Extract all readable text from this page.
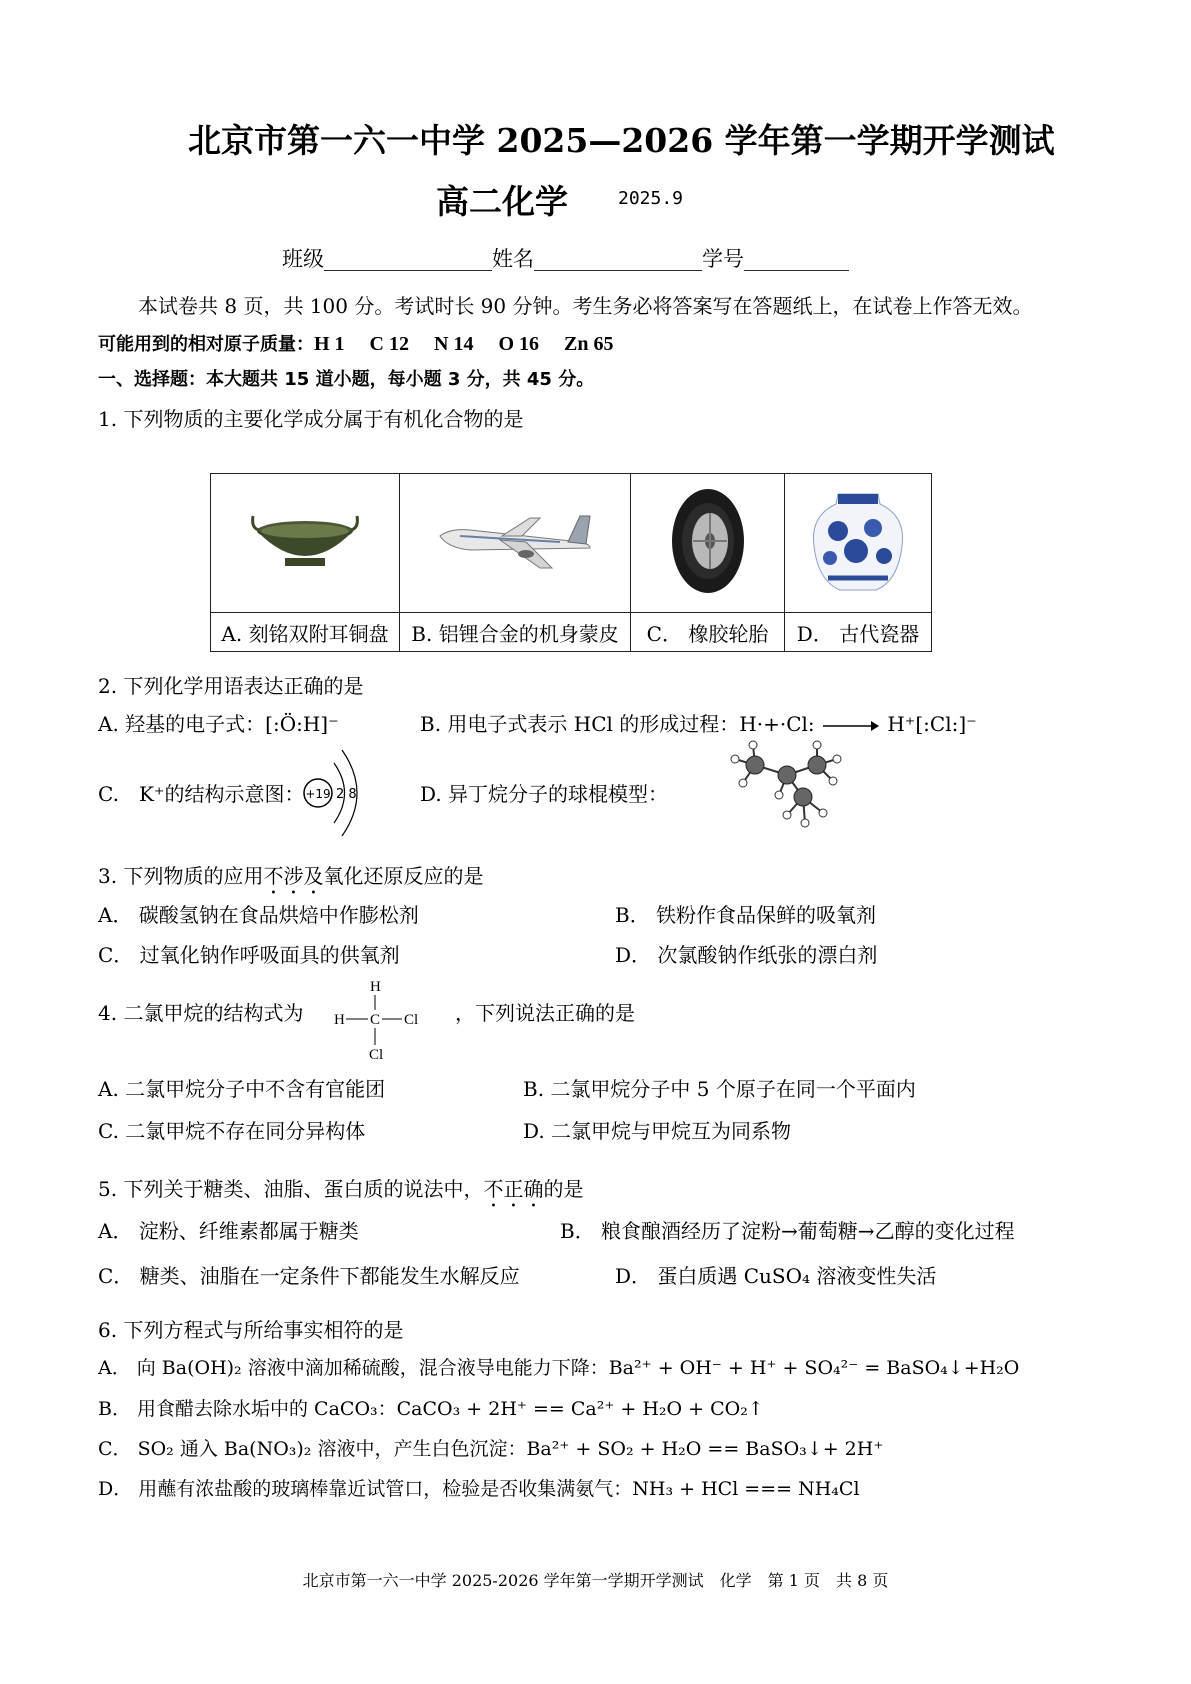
北京市第一六一中学 2025—2026 学年第一学期开学测试
高二化学	2025.9
班级________________姓名________________学号__________
本试卷共 8 页，共 100 分。考试时长 90 分钟。考生务必将答案写在答题纸上，在试卷上作答无效。
可能用到的相对原子质量：H 1　 C 12　 N 14　 O 16　 Zn 65
一、选择题：本大题共 15 道小题，每小题 3 分，共 45 分。
1. 下列物质的主要化学成分属于有机化合物的是

A. 刻铭双附耳铜盘	B. 铝锂合金的机身蒙皮	C． 橡胶轮胎	D． 古代瓷器
2. 下列化学用语表达正确的是
A. 羟基的电子式：[:Ö:H]⁻	B. 用电子式表示 HCl 的形成过程：H·+·Cl: → H⁺[:Cl:]⁻
C.　K⁺的结构示意图： +19 2 8	D. 异丁烷分子的球棍模型：
3. 下列物质的应用不涉及氧化还原反应的是
A． 碳酸氢钠在食品烘焙中作膨松剂	B． 铁粉作食品保鲜的吸氧剂
C． 过氧化钠作呼吸面具的供氧剂	D． 次氯酸钠作纸张的漂白剂
4. 二氯甲烷的结构式为
H
H C Cl
Cl
，下列说法正确的是
A. 二氯甲烷分子中不含有官能团	B. 二氯甲烷分子中 5 个原子在同一个平面内
C. 二氯甲烷不存在同分异构体	D. 二氯甲烷与甲烷互为同系物
5. 下列关于糖类、油脂、蛋白质的说法中，不正确的是
A． 淀粉、纤维素都属于糖类	B． 粮食酿酒经历了淀粉→葡萄糖→乙醇的变化过程
C． 糖类、油脂在一定条件下都能发生水解反应	D． 蛋白质遇 CuSO₄ 溶液变性失活
6. 下列方程式与所给事实相符的是
A． 向 Ba(OH)₂ 溶液中滴加稀硫酸，混合液导电能力下降：Ba²⁺ + OH⁻ + H⁺ + SO₄²⁻ = BaSO₄↓+H₂O
B． 用食醋去除水垢中的 CaCO₃：CaCO₃ + 2H⁺ == Ca²⁺ + H₂O + CO₂↑
C． SO₂ 通入 Ba(NO₃)₂ 溶液中，产生白色沉淀：Ba²⁺ + SO₂ + H₂O == BaSO₃↓+ 2H⁺
D． 用蘸有浓盐酸的玻璃棒靠近试管口，检验是否收集满氨气：NH₃ + HCl === NH₄Cl
北京市第一六一中学 2025-2026 学年第一学期开学测试　化学　第 1 页　共 8 页
